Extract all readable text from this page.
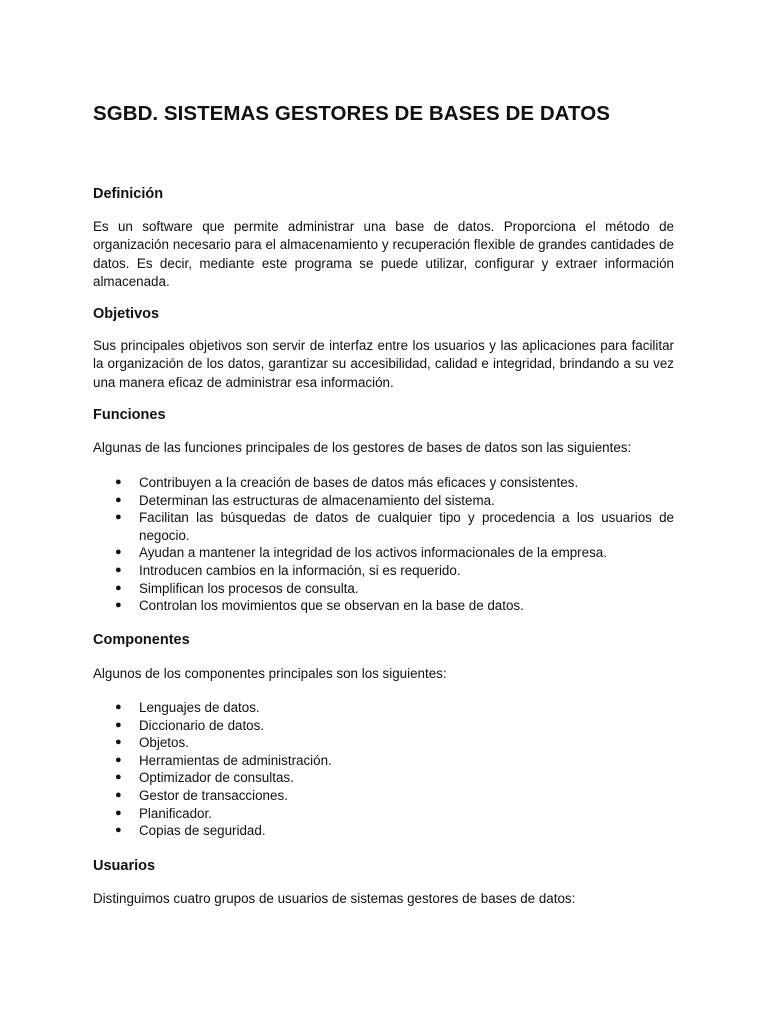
SGBD. SISTEMAS GESTORES DE BASES DE DATOS
Definición

Es un software que permite administrar una base de datos. Proporciona el método de organización necesario para el almacenamiento y recuperación flexible de grandes cantidades de datos. Es decir, mediante este programa se puede utilizar, configurar y extraer información almacenada.

Objetivos

Sus principales objetivos son servir de interfaz entre los usuarios y las aplicaciones para facilitar la organización de los datos, garantizar su accesibilidad, calidad e integridad, brindando a su vez una manera eficaz de administrar esa información.

Funciones

Algunas de las funciones principales de los gestores de bases de datos son las siguientes:

● Contribuyen a la creación de bases de datos más eficaces y consistentes.
● Determinan las estructuras de almacenamiento del sistema.
● Facilitan las búsquedas de datos de cualquier tipo y procedencia a los usuarios de negocio.
● Ayudan a mantener la integridad de los activos informacionales de la empresa.
● Introducen cambios en la información, si es requerido.
● Simplifican los procesos de consulta.
● Controlan los movimientos que se observan en la base de datos.
Componentes

Algunos de los componentes principales son los siguientes:

● Lenguajes de datos.
● Diccionario de datos.
● Objetos.
● Herramientas de administración.
● Optimizador de consultas.
● Gestor de transacciones.
● Planificador.
● Copias de seguridad.
Usuarios

Distinguimos cuatro grupos de usuarios de sistemas gestores de bases de datos:
